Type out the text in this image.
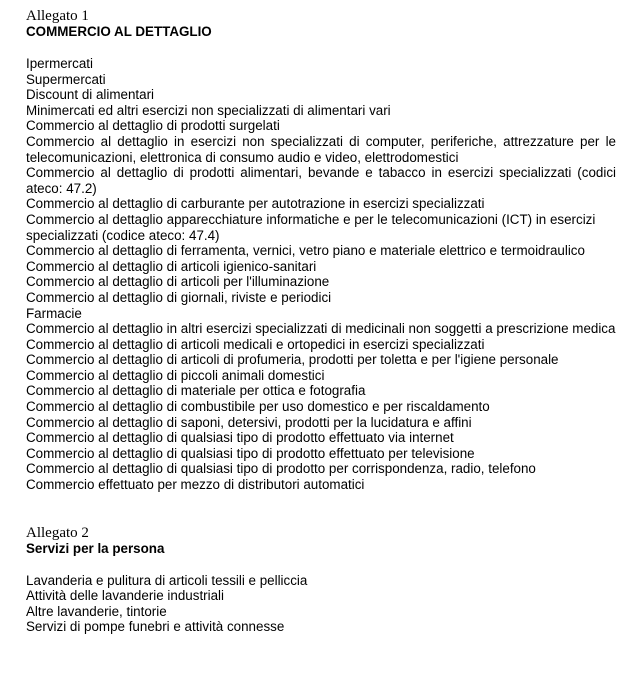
Allegato 1

COMMERCIO AL DETTAGLIO

Ipermercati
Supermercati
Discount di alimentari
Minimercati ed altri esercizi non specializzati di alimentari vari
Commercio al dettaglio di prodotti surgelati
Commercio al dettaglio in esercizi non specializzati di computer, periferiche, attrezzature per le telecomunicazioni, elettronica di consumo audio e video, elettrodomestici
Commercio al dettaglio di prodotti alimentari, bevande e tabacco in esercizi specializzati (codici ateco: 47.2)
Commercio al dettaglio di carburante per autotrazione in esercizi specializzati
Commercio al dettaglio apparecchiature informatiche e per le telecomunicazioni (ICT) in esercizi specializzati (codice ateco: 47.4)
Commercio al dettaglio di ferramenta, vernici, vetro piano e materiale elettrico e termoidraulico
Commercio al dettaglio di articoli igienico-sanitari
Commercio al dettaglio di articoli per l'illuminazione
Commercio al dettaglio di giornali, riviste e periodici
Farmacie
Commercio al dettaglio in altri esercizi specializzati di medicinali non soggetti a prescrizione medica
Commercio al dettaglio di articoli medicali e ortopedici in esercizi specializzati
Commercio al dettaglio di articoli di profumeria, prodotti per toletta e per l'igiene personale
Commercio al dettaglio di piccoli animali domestici
Commercio al dettaglio di materiale per ottica e fotografia
Commercio al dettaglio di combustibile per uso domestico e per riscaldamento
Commercio al dettaglio di saponi, detersivi, prodotti per la lucidatura e affini
Commercio al dettaglio di qualsiasi tipo di prodotto effettuato via internet
Commercio al dettaglio di qualsiasi tipo di prodotto effettuato per televisione
Commercio al dettaglio di qualsiasi tipo di prodotto per corrispondenza, radio, telefono
Commercio effettuato per mezzo di distributori automatici

Allegato 2

Servizi per la persona

Lavanderia e pulitura di articoli tessili e pelliccia
Attività delle lavanderie industriali
Altre lavanderie, tintorie
Servizi di pompe funebri e attività connesse
